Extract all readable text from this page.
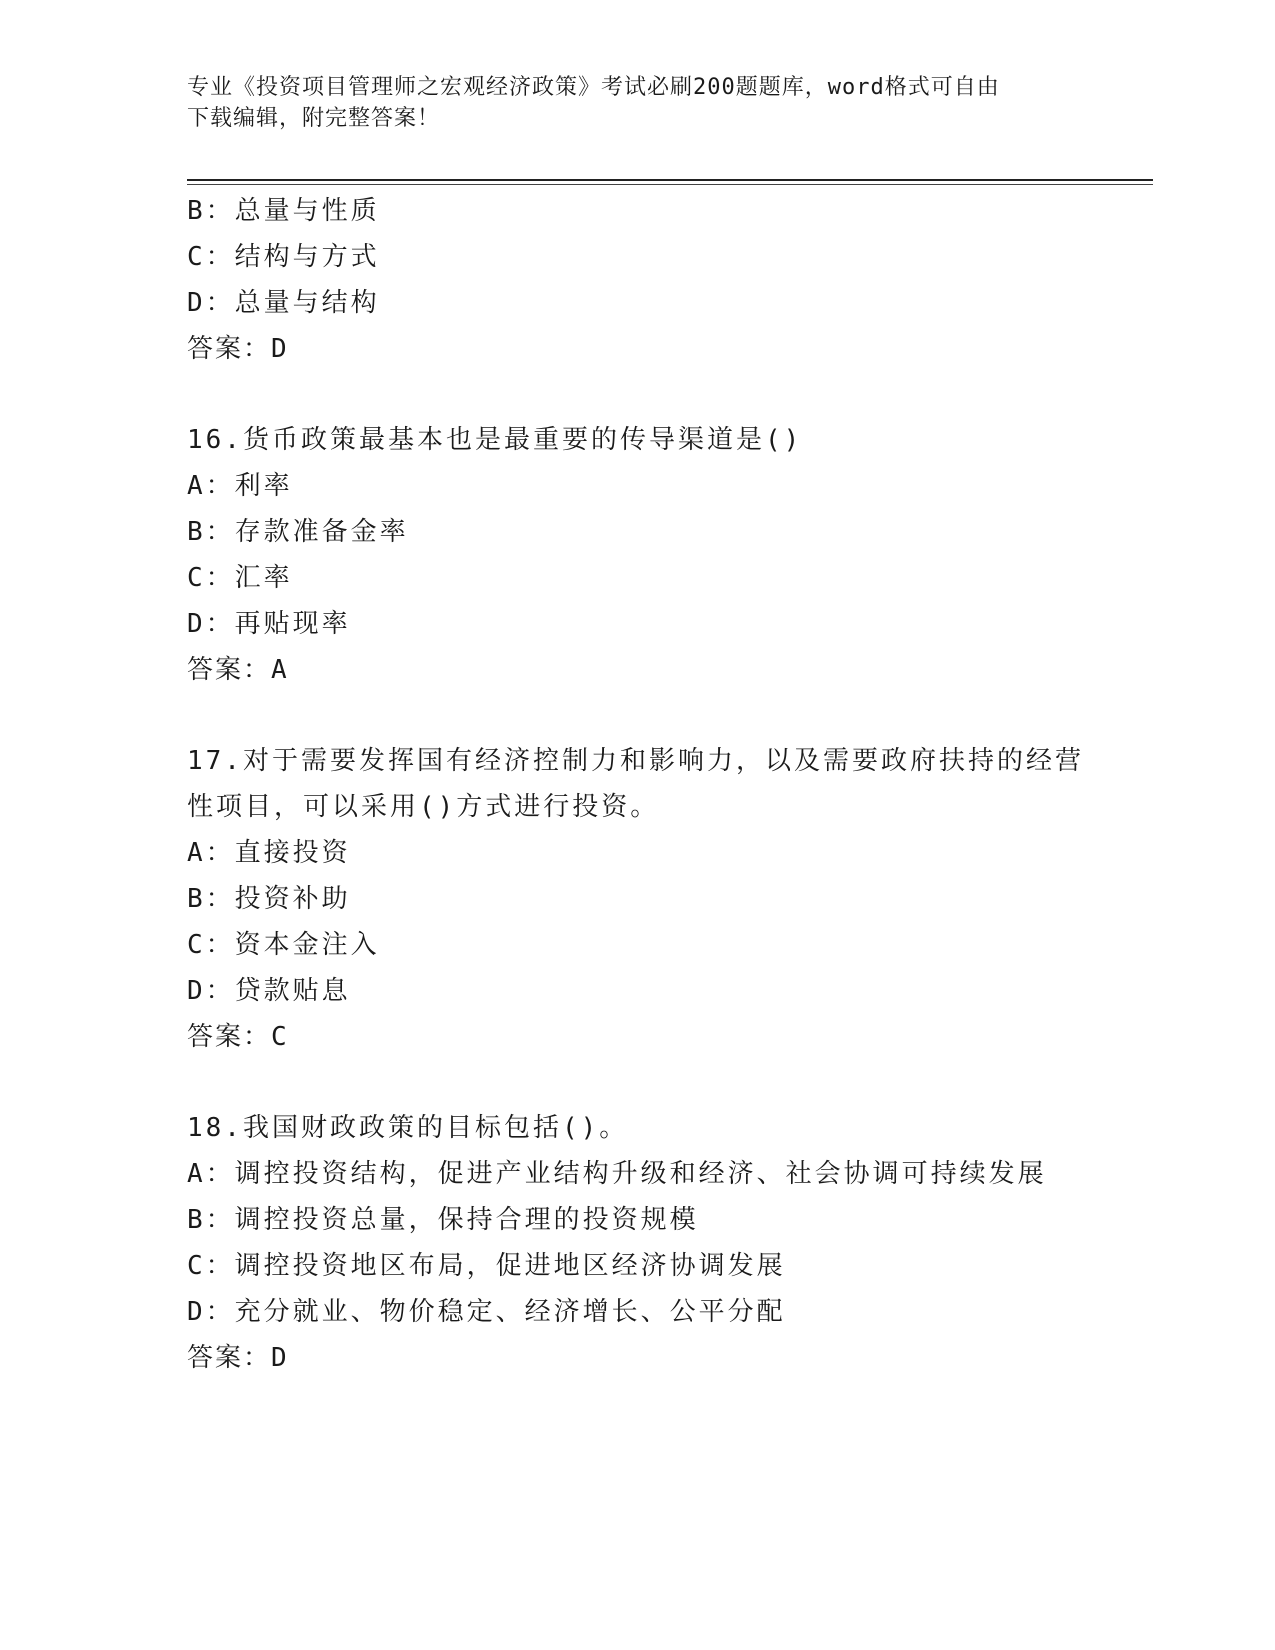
专业《投资项目管理师之宏观经济政策》考试必刷200题题库，word格式可自由
下载编辑，附完整答案！
B：总量与性质
C：结构与方式
D：总量与结构
答案：D
16.货币政策最基本也是最重要的传导渠道是()
A：利率
B：存款准备金率
C：汇率
D：再贴现率
答案：A
17.对于需要发挥国有经济控制力和影响力，以及需要政府扶持的经营
性项目，可以采用()方式进行投资。
A：直接投资
B：投资补助
C：资本金注入
D：贷款贴息
答案：C
18.我国财政政策的目标包括()。
A：调控投资结构，促进产业结构升级和经济、社会协调可持续发展
B：调控投资总量，保持合理的投资规模
C：调控投资地区布局，促进地区经济协调发展
D：充分就业、物价稳定、经济增长、公平分配
答案：D
